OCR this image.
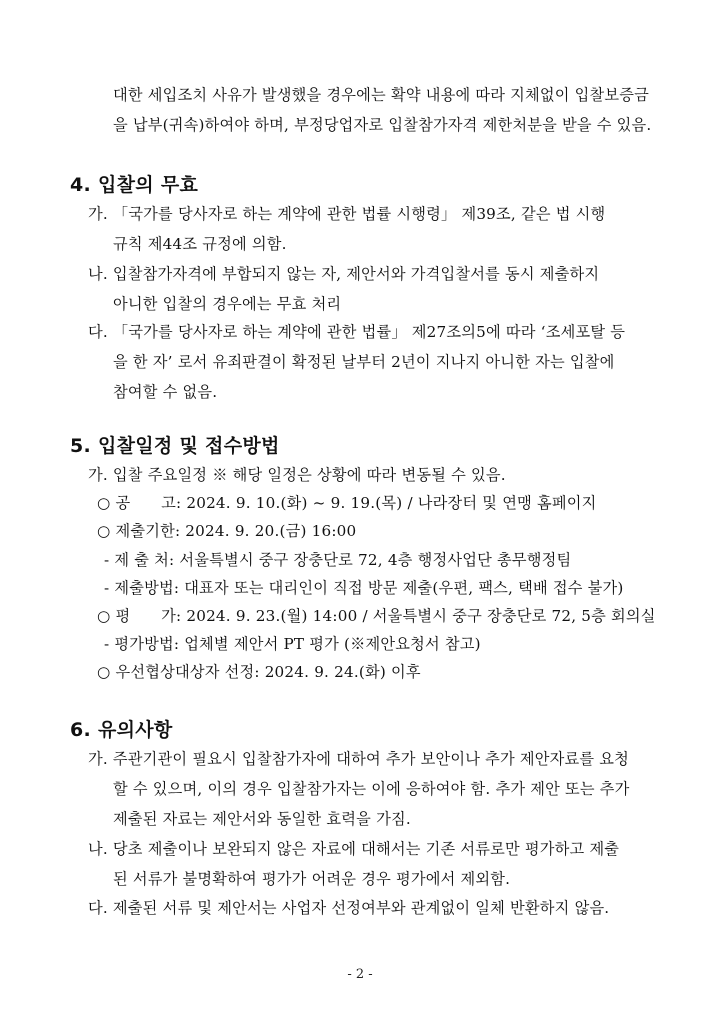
대한 세입조치 사유가 발생했을 경우에는 확약 내용에 따라 지체없이 입찰보증금
을 납부(귀속)하여야 하며, 부정당업자로 입찰참가자격 제한처분을 받을 수 있음.
4. 입찰의 무효
가. 「국가를 당사자로 하는 계약에 관한 법률 시행령」 제39조, 같은 법 시행
규칙 제44조 규정에 의함.
나. 입찰참가자격에 부합되지 않는 자, 제안서와 가격입찰서를 동시 제출하지
아니한 입찰의 경우에는 무효 처리
다. 「국가를 당사자로 하는 계약에 관한 법률」 제27조의5에 따라 ‘조세포탈 등
을 한 자’ 로서 유죄판결이 확정된 날부터 2년이 지나지 아니한 자는 입찰에
참여할 수 없음.
5. 입찰일정 및 접수방법
가. 입찰 주요일정 ※ 해당 일정은 상황에 따라 변동될 수 있음.
○ 공　　고: 2024. 9. 10.(화) ~ 9. 19.(목) / 나라장터 및 연맹 홈페이지
○ 제출기한: 2024. 9. 20.(금) 16:00
- 제 출 처: 서울특별시 중구 장충단로 72, 4층 행정사업단 총무행정팀
- 제출방법: 대표자 또는 대리인이 직접 방문 제출(우편, 팩스, 택배 접수 불가)
○ 평　　가: 2024. 9. 23.(월) 14:00 / 서울특별시 중구 장충단로 72, 5층 회의실
- 평가방법: 업체별 제안서 PT 평가 (※제안요청서 참고)
○ 우선협상대상자 선정: 2024. 9. 24.(화) 이후
6. 유의사항
가. 주관기관이 필요시 입찰참가자에 대하여 추가 보안이나 추가 제안자료를 요청
할 수 있으며, 이의 경우 입찰참가자는 이에 응하여야 함. 추가 제안 또는 추가
제출된 자료는 제안서와 동일한 효력을 가짐.
나. 당초 제출이나 보완되지 않은 자료에 대해서는 기존 서류로만 평가하고 제출
된 서류가 불명확하여 평가가 어려운 경우 평가에서 제외함.
다. 제출된 서류 및 제안서는 사업자 선정여부와 관계없이 일체 반환하지 않음.
- 2 -
